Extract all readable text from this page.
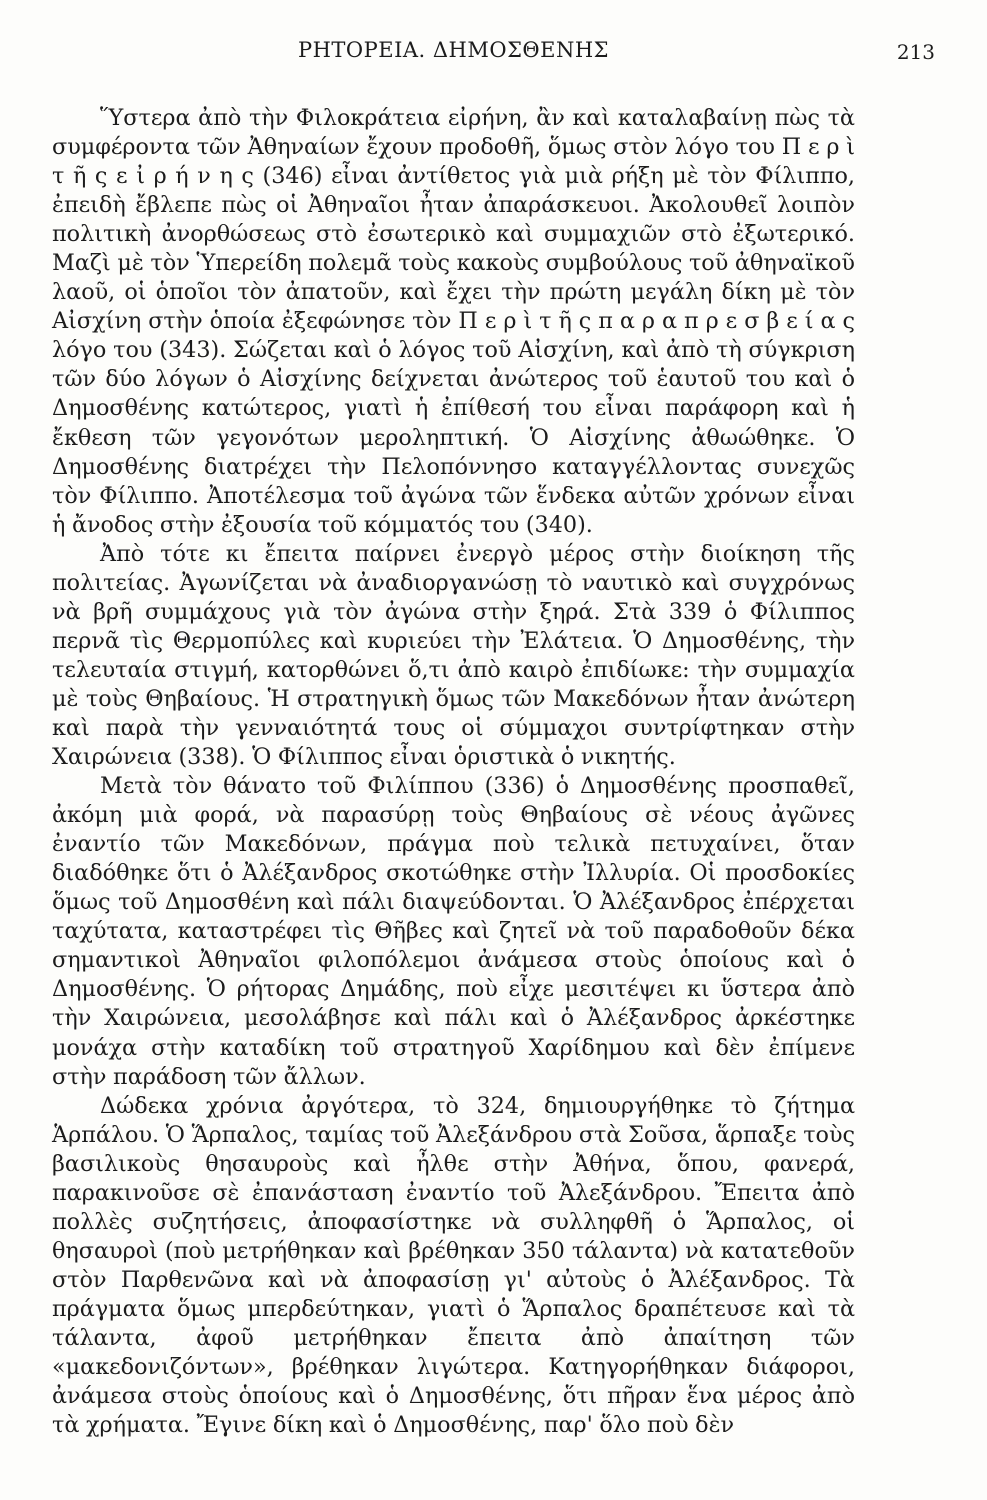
ΡΗΤΟΡΕΙΑ. ΔΗΜΟΣΘΕΝΗΣ	213

Ὕστερα ἀπὸ τὴν Φιλοκράτεια εἰρήνη, ἂν καὶ καταλαβαίνῃ πὼς τὰ συμφέροντα τῶν Ἀθηναίων ἔχουν προδοθῆ, ὅμως στὸν λόγο του Π ε ρ ὶ τ ῆ ς ε ἰ ρ ή ν η ς (346) εἶναι ἀντίθετος γιὰ μιὰ ρήξη μὲ τὸν Φίλιππο, ἐπειδὴ ἔβλεπε πὼς οἱ Ἀθηναῖοι ἦταν ἀπαράσκευοι. Ἀκολουθεῖ λοιπὸν πολιτικὴ ἀνορθώσεως στὸ ἐσωτερικὸ καὶ συμμαχιῶν στὸ ἐξωτερικό. Μαζὶ μὲ τὸν Ὑπερείδη πολεμᾶ τοὺς κακοὺς συμβούλους τοῦ ἀθηναϊκοῦ λαοῦ, οἱ ὁποῖοι τὸν ἀπατοῦν, καὶ ἔχει τὴν πρώτη μεγάλη δίκη μὲ τὸν Αἰσχίνη στὴν ὁποία ἐξεφώνησε τὸν Π ε ρ ὶ τ ῆ ς π α ρ α π ρ ε σ β ε ί α ς λόγο του (343). Σώζεται καὶ ὁ λόγος τοῦ Αἰσχίνη, καὶ ἀπὸ τὴ σύγκριση τῶν δύο λόγων ὁ Αἰσχίνης δείχνεται ἀνώτερος τοῦ ἑαυτοῦ του καὶ ὁ Δημοσθένης κατώτερος, γιατὶ ἡ ἐπίθεσή του εἶναι παράφορη καὶ ἡ ἔκθεση τῶν γεγονότων μεροληπτική. Ὁ Αἰσχίνης ἀθωώθηκε. Ὁ Δημοσθένης διατρέχει τὴν Πελοπόννησο καταγγέλλοντας συνεχῶς τὸν Φίλιππο. Ἀποτέλεσμα τοῦ ἀγώνα τῶν ἕνδεκα αὐτῶν χρόνων εἶναι ἡ ἄνοδος στὴν ἐξουσία τοῦ κόμματός του (340).

Ἀπὸ τότε κι ἔπειτα παίρνει ἐνεργὸ μέρος στὴν διοίκηση τῆς πολιτείας. Ἀγωνίζεται νὰ ἀναδιοργανώσῃ τὸ ναυτικὸ καὶ συγχρόνως νὰ βρῆ συμμάχους γιὰ τὸν ἀγώνα στὴν ξηρά. Στὰ 339 ὁ Φίλιππος περνᾶ τὶς Θερμοπύλες καὶ κυριεύει τὴν Ἐλάτεια. Ὁ Δημοσθένης, τὴν τελευταία στιγμή, κατορθώνει ὅ,τι ἀπὸ καιρὸ ἐπιδίωκε: τὴν συμμαχία μὲ τοὺς Θηβαίους. Ἡ στρατηγικὴ ὅμως τῶν Μακεδόνων ἦταν ἀνώτερη καὶ παρὰ τὴν γενναιότητά τους οἱ σύμμαχοι συντρίφτηκαν στὴν Χαιρώνεια (338). Ὁ Φίλιππος εἶναι ὁριστικὰ ὁ νικητής.

Μετὰ τὸν θάνατο τοῦ Φιλίππου (336) ὁ Δημοσθένης προσπαθεῖ, ἀκόμη μιὰ φορά, νὰ παρασύρῃ τοὺς Θηβαίους σὲ νέους ἀγῶνες ἐναντίο τῶν Μακεδόνων, πράγμα ποὺ τελικὰ πετυχαίνει, ὅταν διαδόθηκε ὅτι ὁ Ἀλέξανδρος σκοτώθηκε στὴν Ἰλλυρία. Οἱ προσδοκίες ὅμως τοῦ Δημοσθένη καὶ πάλι διαψεύδονται. Ὁ Ἀλέξανδρος ἐπέρχεται ταχύτατα, καταστρέφει τὶς Θῆβες καὶ ζητεῖ νὰ τοῦ παραδοθοῦν δέκα σημαντικοὶ Ἀθηναῖοι φιλοπόλεμοι ἀνάμεσα στοὺς ὁποίους καὶ ὁ Δημοσθένης. Ὁ ρήτορας Δημάδης, ποὺ εἶχε μεσιτέψει κι ὕστερα ἀπὸ τὴν Χαιρώνεια, μεσολάβησε καὶ πάλι καὶ ὁ Ἀλέξανδρος ἀρκέστηκε μονάχα στὴν καταδίκη τοῦ στρατηγοῦ Χαρίδημου καὶ δὲν ἐπίμενε στὴν παράδοση τῶν ἄλλων.

Δώδεκα χρόνια ἀργότερα, τὸ 324, δημιουργήθηκε τὸ ζήτημα Ἁρπάλου. Ὁ Ἅρπαλος, ταμίας τοῦ Ἀλεξάνδρου στὰ Σοῦσα, ἅρπαξε τοὺς βασιλικοὺς θησαυροὺς καὶ ἦλθε στὴν Ἀθήνα, ὅπου, φανερά, παρακινοῦσε σὲ ἐπανάσταση ἐναντίο τοῦ Ἀλεξάνδρου. Ἔπειτα ἀπὸ πολλὲς συζητήσεις, ἀποφασίστηκε νὰ συλληφθῆ ὁ Ἅρπαλος, οἱ θησαυροὶ (ποὺ μετρήθηκαν καὶ βρέθηκαν 350 τάλαντα) νὰ κατατεθοῦν στὸν Παρθενῶνα καὶ νὰ ἀποφασίσῃ γι' αὐτοὺς ὁ Ἀλέξανδρος. Τὰ πράγματα ὅμως μπερδεύτηκαν, γιατὶ ὁ Ἅρπαλος δραπέτευσε καὶ τὰ τάλαντα, ἀφοῦ μετρήθηκαν ἔπειτα ἀπὸ ἀπαίτηση τῶν «μακεδονιζόντων», βρέθηκαν λιγώτερα. Κατηγορήθηκαν διάφοροι, ἀνάμεσα στοὺς ὁποίους καὶ ὁ Δημοσθένης, ὅτι πῆραν ἕνα μέρος ἀπὸ τὰ χρήματα. Ἔγινε δίκη καὶ ὁ Δημοσθένης, παρ' ὅλο ποὺ δὲν
